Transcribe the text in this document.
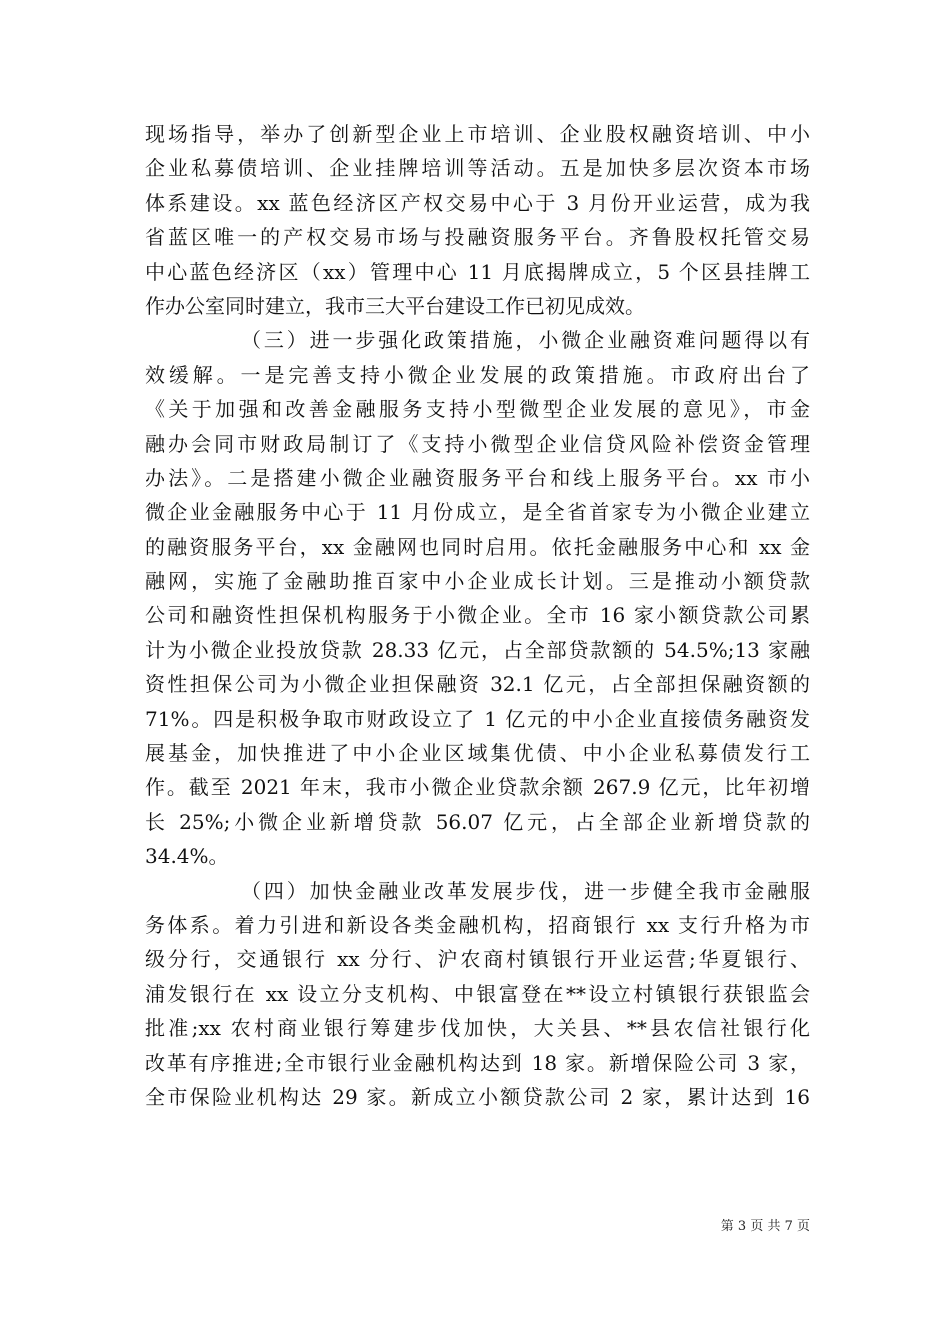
现场指导，举办了创新型企业上市培训、企业股权融资培训、中小
企业私募债培训、企业挂牌培训等活动。五是加快多层次资本市场
体系建设。xx 蓝色经济区产权交易中心于 3 月份开业运营，成为我
省蓝区唯一的产权交易市场与投融资服务平台。齐鲁股权托管交易
中心蓝色经济区（xx）管理中心 11 月底揭牌成立，5 个区县挂牌工
作办公室同时建立，我市三大平台建设工作已初见成效。
（三）进一步强化政策措施，小微企业融资难问题得以有
效缓解。一是完善支持小微企业发展的政策措施。市政府出台了
《关于加强和改善金融服务支持小型微型企业发展的意见》，市金
融办会同市财政局制订了《支持小微型企业信贷风险补偿资金管理
办法》。二是搭建小微企业融资服务平台和线上服务平台。xx 市小
微企业金融服务中心于 11 月份成立，是全省首家专为小微企业建立
的融资服务平台，xx 金融网也同时启用。依托金融服务中心和 xx 金
融网，实施了金融助推百家中小企业成长计划。三是推动小额贷款
公司和融资性担保机构服务于小微企业。全市 16 家小额贷款公司累
计为小微企业投放贷款 28.33 亿元，占全部贷款额的 54.5%;13 家融
资性担保公司为小微企业担保融资 32.1 亿元，占全部担保融资额的
71%。四是积极争取市财政设立了 1 亿元的中小企业直接债务融资发
展基金，加快推进了中小企业区域集优债、中小企业私募债发行工
作。截至 2021 年末，我市小微企业贷款余额 267.9 亿元，比年初增
长 25%;小微企业新增贷款 56.07 亿元，占全部企业新增贷款的
34.4%。
（四）加快金融业改革发展步伐，进一步健全我市金融服
务体系。着力引进和新设各类金融机构，招商银行 xx 支行升格为市
级分行，交通银行 xx 分行、沪农商村镇银行开业运营;华夏银行、
浦发银行在 xx 设立分支机构、中银富登在**设立村镇银行获银监会
批准;xx 农村商业银行筹建步伐加快，大关县、**县农信社银行化
改革有序推进;全市银行业金融机构达到 18 家。新增保险公司 3 家，
全市保险业机构达 29 家。新成立小额贷款公司 2 家，累计达到 16
第 3 页 共 7 页
